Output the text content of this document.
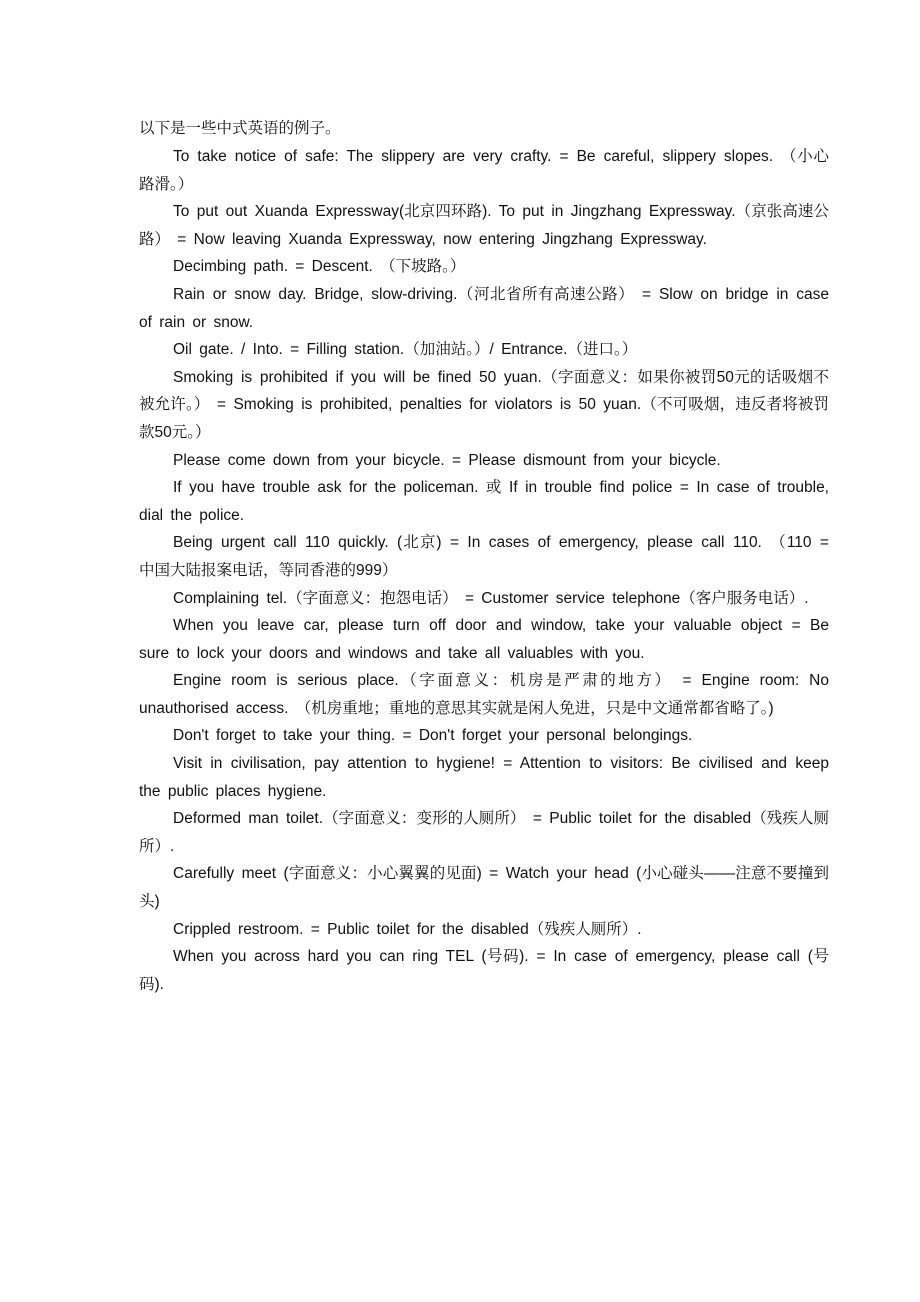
以下是一些中式英语的例子。

To take notice of safe: The slippery are very crafty. = Be careful, slippery slopes. （小心路滑。）

To put out Xuanda Expressway(北京四环路). To put in Jingzhang Expressway.（京张高速公路） = Now leaving Xuanda Expressway, now entering Jingzhang Expressway.

Decimbing path. = Descent. （下坡路。）

Rain or snow day. Bridge, slow-driving.（河北省所有高速公路） = Slow on bridge in case of rain or snow.

Oil gate. / Into. = Filling station.（加油站。）/ Entrance.（进口。）

Smoking is prohibited if you will be fined 50 yuan.（字面意义：如果你被罚50元的话吸烟不被允许。） = Smoking is prohibited, penalties for violators is 50 yuan.（不可吸烟，违反者将被罚款50元。）

Please come down from your bicycle. = Please dismount from your bicycle.

If you have trouble ask for the policeman. 或 If in trouble find police = In case of trouble, dial the police.

Being urgent call 110 quickly. (北京) = In cases of emergency, please call 110. （110 = 中国大陆报案电话，等同香港的999）

Complaining tel.（字面意义：抱怨电话） = Customer service telephone（客户服务电话）.

When you leave car, please turn off door and window, take your valuable object = Be sure to lock your doors and windows and take all valuables with you.

Engine room is serious place.（字面意义：机房是严肃的地方） = Engine room: No unauthorised access. （机房重地；重地的意思其实就是闲人免进，只是中文通常都省略了。)

Don't forget to take your thing. = Don't forget your personal belongings.

Visit in civilisation, pay attention to hygiene! = Attention to visitors: Be civilised and keep the public places hygiene.

Deformed man toilet.（字面意义：变形的人厕所） = Public toilet for the disabled（残疾人厕所）.

Carefully meet (字面意义：小心翼翼的见面) = Watch your head (小心碰头——注意不要撞到头)

Crippled restroom. = Public toilet for the disabled（残疾人厕所）.

When you across hard you can ring TEL (号码). = In case of emergency, please call (号码).
